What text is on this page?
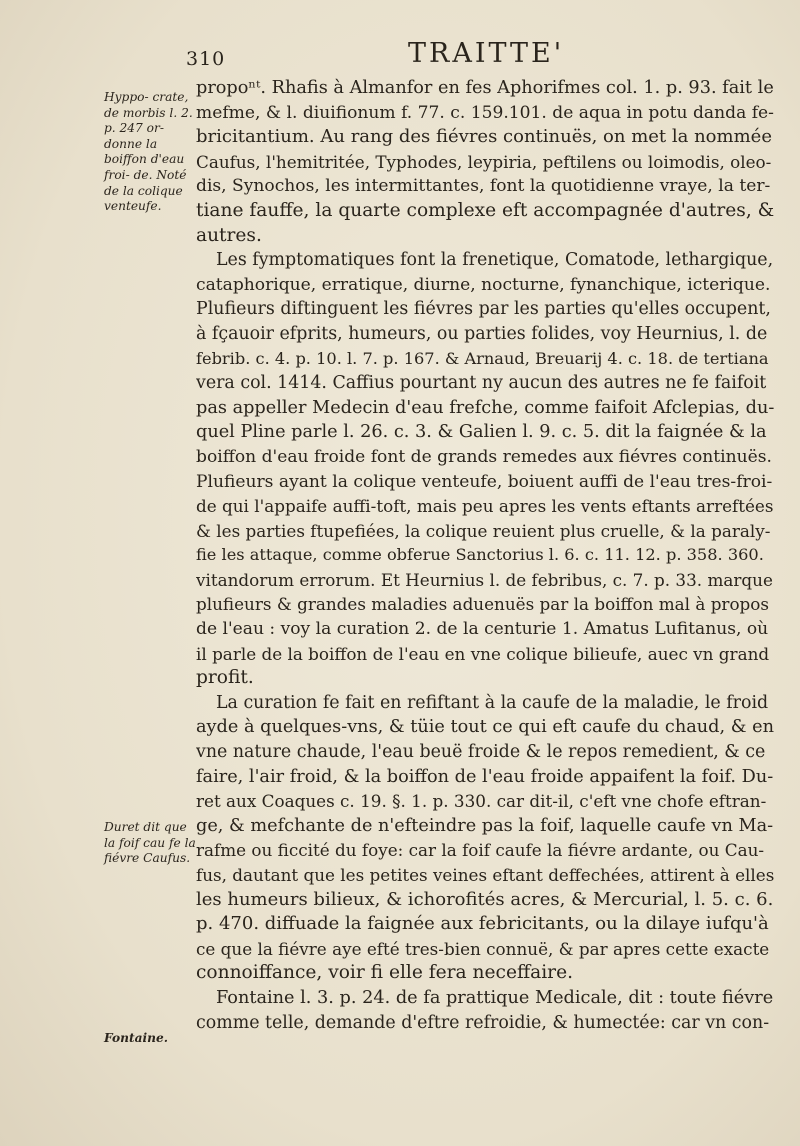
310	TRAITTE'
Hyppo- crate, de morbis l. 2. p. 247 or- donne la boiffon d'eau froi- de. Noté de la colique venteufe.
Duret dit que la foif cau fe la fiévre Caufus.
Fontaine.
propoⁿᵗ. Rhafis à Almanfor en fes Aphorifmes col. 1. p. 93. fait le
mefme, & l. diuifionum f. 77. c. 159.101. de aqua in potu danda fe-
bricitantium. Au rang des fiévres continuës, on met la nommée
Caufus, l'hemitritée, Typhodes, leypiria, peftilens ou loimodis, oleo-
dis, Synochos, les intermittantes, font la quotidienne vraye, la ter-
tiane fauffe, la quarte complexe eft accompagnée d'autres, &
autres.
Les fymptomatiques font la frenetique, Comatode, lethargique,
cataphorique, erratique, diurne, nocturne, fynanchique, icterique.
Plufieurs diftinguent les fiévres par les parties qu'elles occupent,
à fçauoir efprits, humeurs, ou parties folides, voy Heurnius, l. de
febrib. c. 4. p. 10. l. 7. p. 167. & Arnaud, Breuarij 4. c. 18. de tertiana
vera col. 1414. Caffius pourtant ny aucun des autres ne fe faifoit
pas appeller Medecin d'eau frefche, comme faifoit Afclepias, du-
quel Pline parle l. 26. c. 3. & Galien l. 9. c. 5. dit la faignée & la
boiffon d'eau froide font de grands remedes aux fiévres continuës.
Plufieurs ayant la colique venteufe, boiuent auffi de l'eau tres-froi-
de qui l'appaife auffi-toft, mais peu apres les vents eftants arreftées
& les parties ftupefiées, la colique reuient plus cruelle, & la paraly-
fie les attaque, comme obferue Sanctorius l. 6. c. 11. 12. p. 358. 360.
vitandorum errorum. Et Heurnius l. de febribus, c. 7. p. 33. marque
plufieurs & grandes maladies aduenuës par la boiffon mal à propos
de l'eau : voy la curation 2. de la centurie 1. Amatus Lufitanus, où
il parle de la boiffon de l'eau en vne colique bilieufe, auec vn grand
profit.
La curation fe fait en refiftant à la caufe de la maladie, le froid
ayde à quelques-vns, & tüie tout ce qui eft caufe du chaud, & en
vne nature chaude, l'eau beuë froide & le repos remedient, & ce
faire, l'air froid, & la boiffon de l'eau froide appaifent la foif. Du-
ret aux Coaques c. 19. §. 1. p. 330. car dit-il, c'eft vne chofe eftran-
ge, & mefchante de n'efteindre pas la foif, laquelle caufe vn Ma-
rafme ou ficcité du foye: car la foif caufe la fiévre ardante, ou Cau-
fus, dautant que les petites veines eftant deffechées, attirent à elles
les humeurs bilieux, & ichorofités acres, & Mercurial, l. 5. c. 6.
p. 470. diffuade la faignée aux febricitants, ou la dilaye iufqu'à
ce que la fiévre aye efté tres-bien connuë, & par apres cette exacte
connoiffance, voir fi elle fera neceffaire.
Fontaine l. 3. p. 24. de fa prattique Medicale, dit : toute fiévre
comme telle, demande d'eftre refroidie, & humectée: car vn con-
